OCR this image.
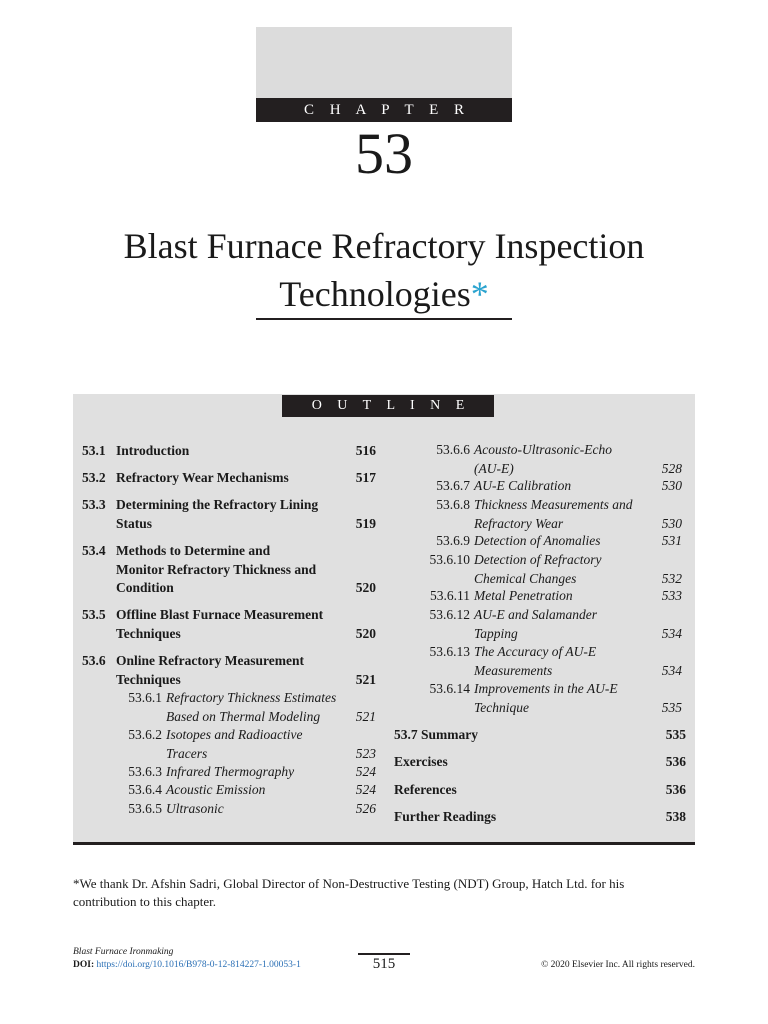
C H A P T E R
53
Blast Furnace Refractory Inspection
Technologies*
O U T L I N E
53.1 Introduction	516
53.2 Refractory Wear Mechanisms	517
53.3 Determining the Refractory Lining
Status	519
53.4 Methods to Determine and
Monitor Refractory Thickness and
Condition	520
53.5 Offline Blast Furnace Measurement
Techniques	520
53.6 Online Refractory Measurement
Techniques	521
53.6.1 Refractory Thickness Estimates
Based on Thermal Modeling	521
53.6.2 Isotopes and Radioactive
Tracers	523
53.6.3 Infrared Thermography	524
53.6.4 Acoustic Emission	524
53.6.5 Ultrasonic	526
53.6.6 Acousto-Ultrasonic-Echo
(AU-E)	528
53.6.7 AU-E Calibration	530
53.6.8 Thickness Measurements and
Refractory Wear	530
53.6.9 Detection of Anomalies	531
53.6.10 Detection of Refractory
Chemical Changes	532
53.6.11 Metal Penetration	533
53.6.12 AU-E and Salamander
Tapping	534
53.6.13 The Accuracy of AU-E
Measurements	534
53.6.14 Improvements in the AU-E
Technique	535
53.7 Summary	535
Exercises	536
References	536
Further Readings	538
*We thank Dr. Afshin Sadri, Global Director of Non-Destructive Testing (NDT) Group, Hatch Ltd. for his
contribution to this chapter.
Blast Furnace Ironmaking
DOI: https://doi.org/10.1016/B978-0-12-814227-1.00053-1	515	© 2020 Elsevier Inc. All rights reserved.
